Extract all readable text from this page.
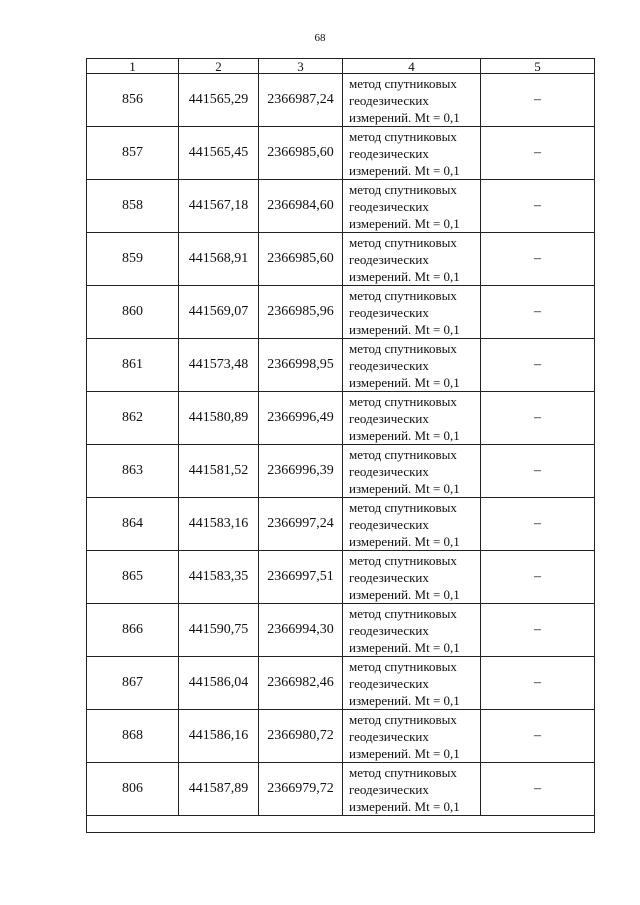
68
1	2	3	4	5
856	441565,29	2366987,24	метод спутниковых
геодезических
измерений. Mt = 0,1	–
857	441565,45	2366985,60	метод спутниковых
геодезических
измерений. Mt = 0,1	–
858	441567,18	2366984,60	метод спутниковых
геодезических
измерений. Mt = 0,1	–
859	441568,91	2366985,60	метод спутниковых
геодезических
измерений. Mt = 0,1	–
860	441569,07	2366985,96	метод спутниковых
геодезических
измерений. Mt = 0,1	–
861	441573,48	2366998,95	метод спутниковых
геодезических
измерений. Mt = 0,1	–
862	441580,89	2366996,49	метод спутниковых
геодезических
измерений. Mt = 0,1	–
863	441581,52	2366996,39	метод спутниковых
геодезических
измерений. Mt = 0,1	–
864	441583,16	2366997,24	метод спутниковых
геодезических
измерений. Mt = 0,1	–
865	441583,35	2366997,51	метод спутниковых
геодезических
измерений. Mt = 0,1	–
866	441590,75	2366994,30	метод спутниковых
геодезических
измерений. Mt = 0,1	–
867	441586,04	2366982,46	метод спутниковых
геодезических
измерений. Mt = 0,1	–
868	441586,16	2366980,72	метод спутниковых
геодезических
измерений. Mt = 0,1	–
806	441587,89	2366979,72	метод спутниковых
геодезических
измерений. Mt = 0,1	–
